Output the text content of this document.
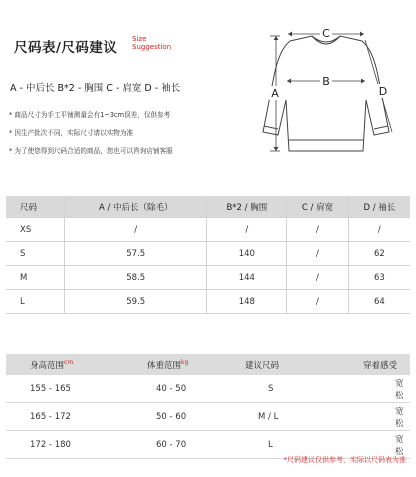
尺码表/尺码建议
Size
Suggestion
A - 中后长 B*2 - 胸围 C - 肩宽 D - 袖长
* 商品尺寸为手工平铺测量会有1~3cm误差，仅供参考
* 因生产批次不同，实际尺寸请以实物为准
* 为了使您得到尺码合适的商品，您也可以咨询店铺客服
C
B
A	D
尺码	A / 中后长（除毛）	B*2 / 胸围	C / 肩宽	D / 袖长
XS	/	/	/	/
S	57.5	140	/	62
M	58.5	144	/	63
L	59.5	148	/	64
身高范围$^{cm}$	体重范围$^{kg}$	建议尺码	穿着感受
155 - 165	40 - 50	S	宽松
165 - 172	50 - 60	M / L	宽松
172 - 180	60 - 70	L	宽松
*尺码建议仅供参考，实际以尺码表为准
